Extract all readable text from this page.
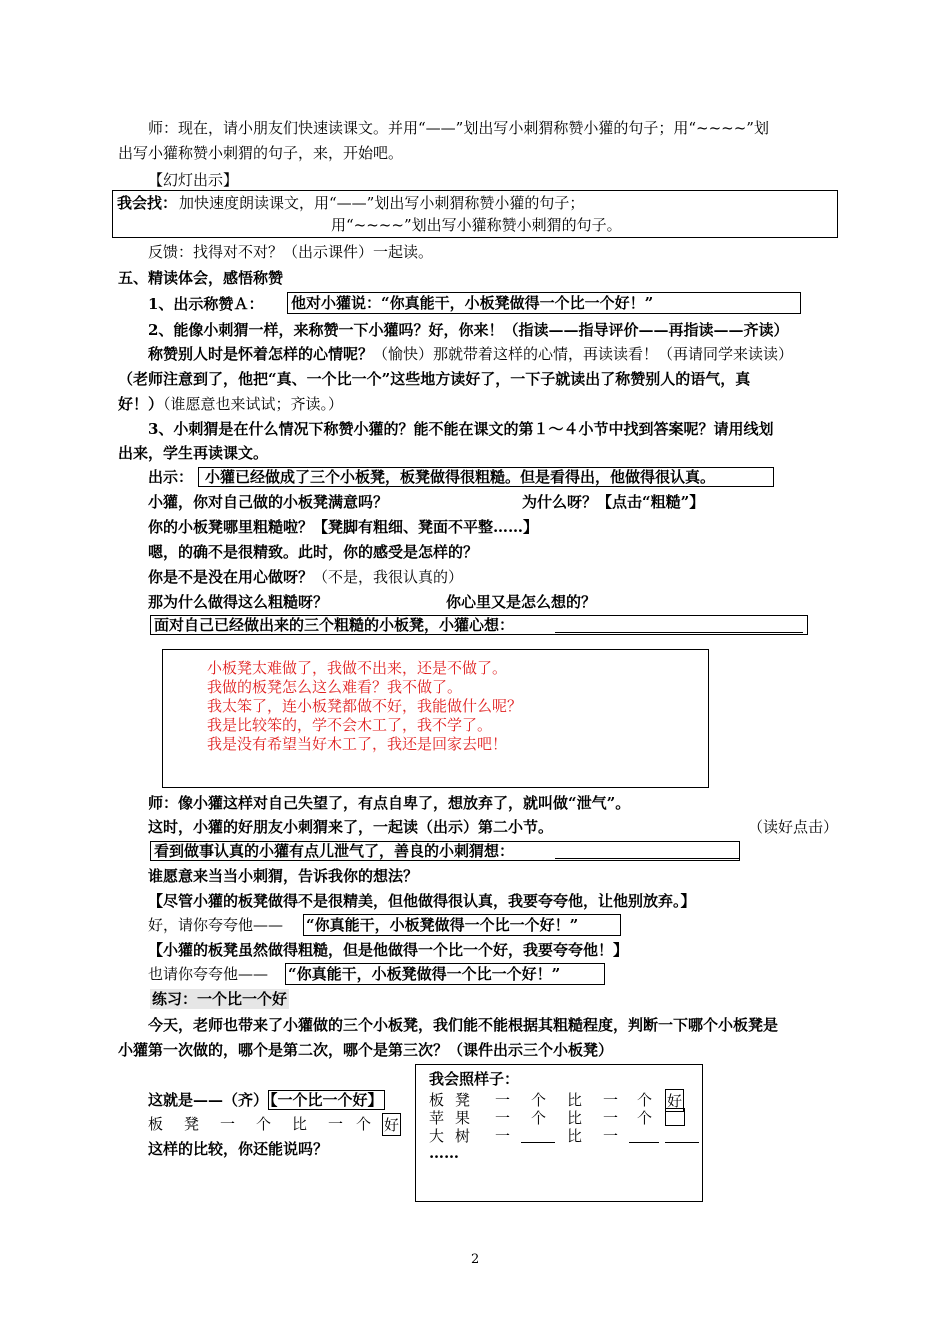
师：现在，请小朋友们快速读课文。并用“——”划出写小刺猬称赞小獾的句子；用“~~~~”划
出写小獾称赞小刺猬的句子，来，开始吧。
【幻灯出示】
我会找： 加快速度朗读课文，用“——”划出写小刺猬称赞小獾的句子；
用“~~~~”划出写小獾称赞小刺猬的句子。
反馈：找得对不对？（出示课件）一起读。
五、精读体会，感悟称赞
1、出示称赞Ａ： 他对小獾说：“你真能干，小板凳做得一个比一个好！”
2、能像小刺猬一样，来称赞一下小獾吗？好，你来！（指读——指导评价——再指读——齐读）
称赞别人时是怀着怎样的心情呢？（愉快）那就带着这样的心情，再读读看！（再请同学来读读）
（老师注意到了，他把“真、一个比一个”这些地方读好了，一下子就读出了称赞别人的语气，真
好！）（谁愿意也来试试；齐读。）
3、小刺猬是在什么情况下称赞小獾的？能不能在课文的第１～４小节中找到答案呢？请用线划
出来，学生再读课文。
出示： 小獾已经做成了三个小板凳，板凳做得很粗糙。但是看得出，他做得很认真。
小獾，你对自己做的小板凳满意吗？	为什么呀？【点击“粗糙”】
你的小板凳哪里粗糙啦？【凳脚有粗细、凳面不平整……】
嗯，的确不是很精致。此时，你的感受是怎样的？
你是不是没在用心做呀？（不是，我很认真的）
那为什么做得这么粗糙呀？	你心里又是怎么想的？
面对自己已经做出来的三个粗糙的小板凳，小獾心想：
小板凳太难做了，我做不出来，还是不做了。
我做的板凳怎么这么难看？我不做了。
我太笨了，连小板凳都做不好，我能做什么呢？
我是比较笨的，学不会木工了，我不学了。
我是没有希望当好木工了，我还是回家去吧！
师：像小獾这样对自己失望了，有点自卑了，想放弃了，就叫做“泄气”。
这时，小獾的好朋友小刺猬来了，一起读（出示）第二小节。	（读好点击）
看到做事认真的小獾有点儿泄气了，善良的小刺猬想：
谁愿意来当当小刺猬，告诉我你的想法？
【尽管小獾的板凳做得不是很精美，但他做得很认真，我要夸夸他，让他别放弃。】
好，请你夸夸他—— “你真能干，小板凳做得一个比一个好！”
【小獾的板凳虽然做得粗糙，但是他做得一个比一个好，我要夸夸他！】
也请你夸夸他—— “你真能干，小板凳做得一个比一个好！”
练习：一个比一个好
今天，老师也带来了小獾做的三个小板凳，我们能不能根据其粗糙程度，判断一下哪个小板凳是
小獾第一次做的，哪个是第二次，哪个是第三次？（课件出示三个小板凳）
这就是——（齐） 【一个比一个好】
板 凳 一 个 比 一 个 好
这样的比较，你还能说吗？
我会照样子：
板 凳 一 个 比 一 个 好
苹 果 一 个 比 一 个
大 树 一	比 一
……
2
